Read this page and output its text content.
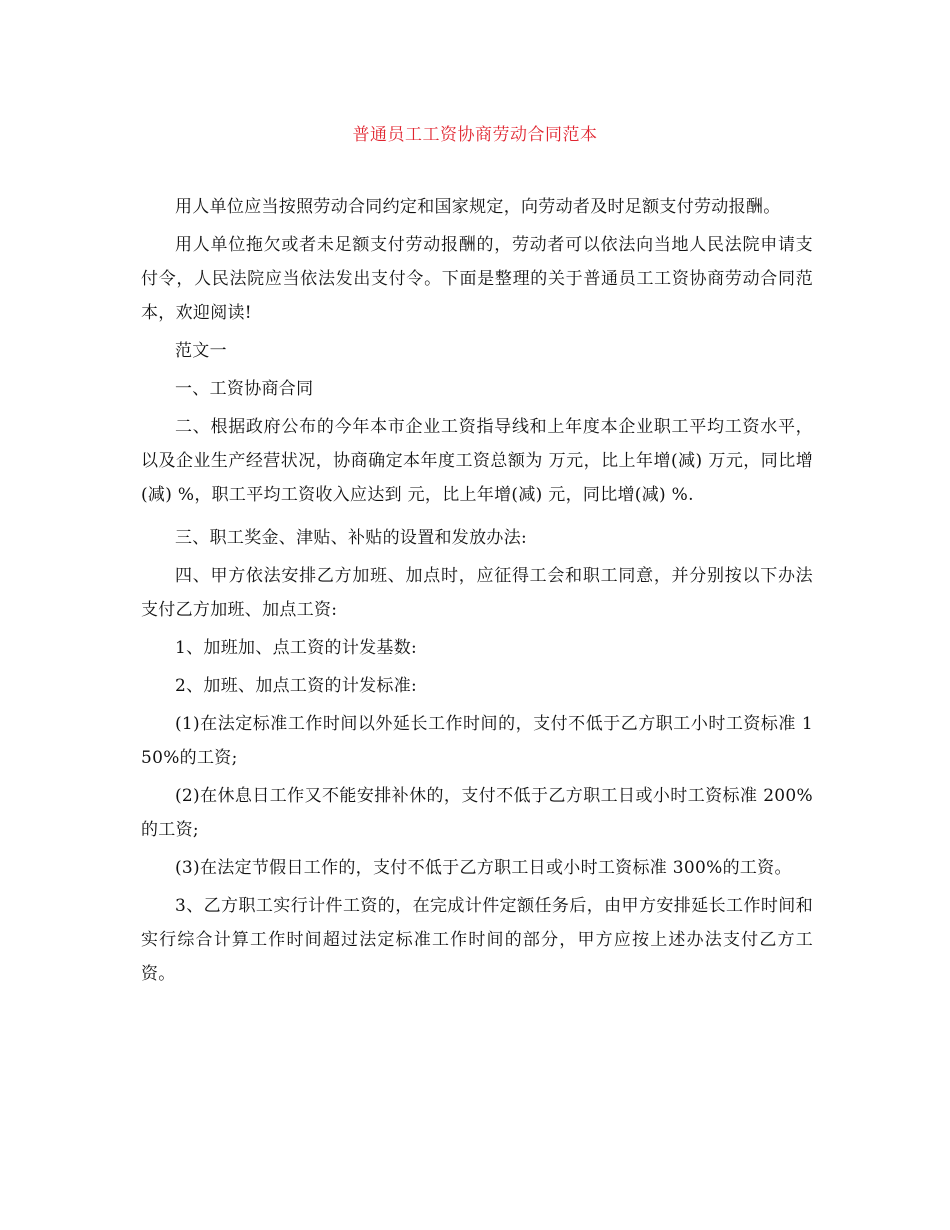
普通员工工资协商劳动合同范本

用人单位应当按照劳动合同约定和国家规定，向劳动者及时足额支付劳动报酬。

用人单位拖欠或者未足额支付劳动报酬的，劳动者可以依法向当地人民法院申请支付令，人民法院应当依法发出支付令。下面是整理的关于普通员工工资协商劳动合同范本，欢迎阅读!

范文一

一、工资协商合同

二、根据政府公布的今年本市企业工资指导线和上年度本企业职工平均工资水平，以及企业生产经营状况，协商确定本年度工资总额为 万元，比上年增(减) 万元，同比增(减) %，职工平均工资收入应达到 元，比上年增(减) 元，同比增(减) %.

三、职工奖金、津贴、补贴的设置和发放办法:

四、甲方依法安排乙方加班、加点时，应征得工会和职工同意，并分别按以下办法支付乙方加班、加点工资:

1、加班加、点工资的计发基数:

2、加班、加点工资的计发标准:

(1)在法定标准工作时间以外延长工作时间的，支付不低于乙方职工小时工资标准 150%的工资;

(2)在休息日工作又不能安排补休的，支付不低于乙方职工日或小时工资标准 200%的工资;

(3)在法定节假日工作的，支付不低于乙方职工日或小时工资标准 300%的工资。

3、乙方职工实行计件工资的，在完成计件定额任务后，由甲方安排延长工作时间和实行综合计算工作时间超过法定标准工作时间的部分，甲方应按上述办法支付乙方工资。
